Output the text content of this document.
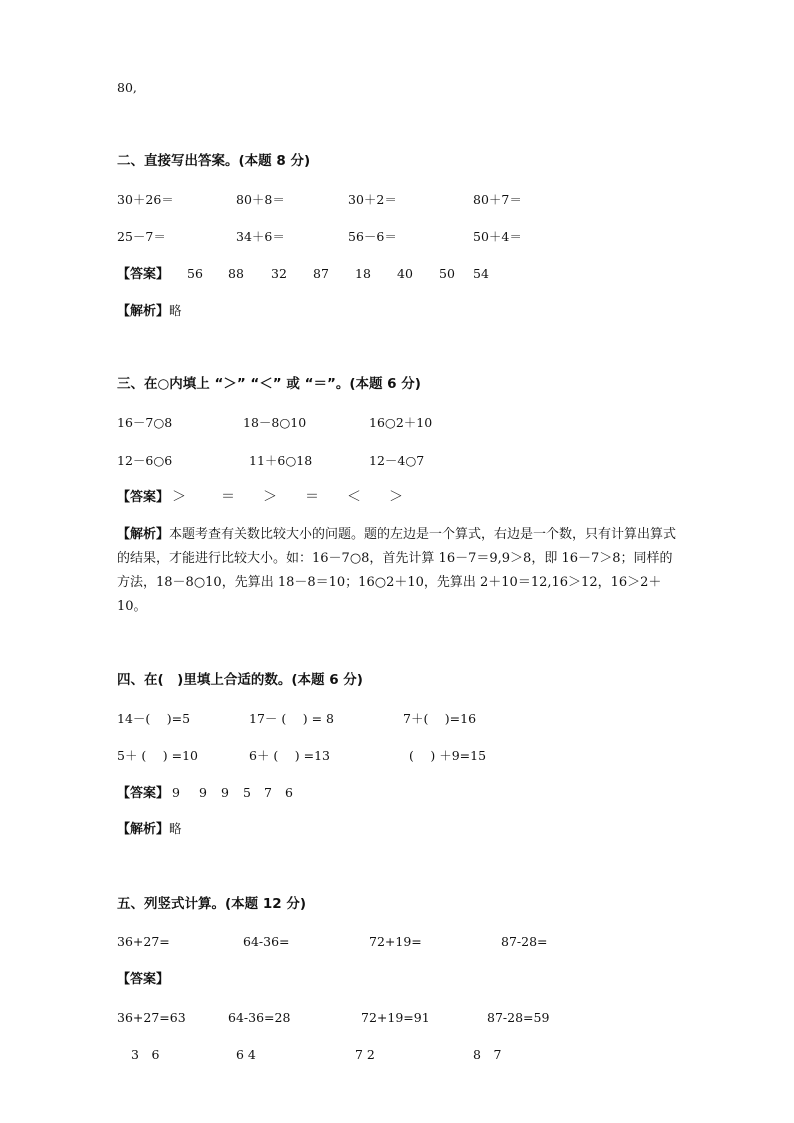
80,
二、直接写出答案。(本题 8 分)
30＋26＝	80＋8＝	30＋2＝	80＋7＝
25－7＝	34＋6＝	56－6＝	50＋4＝
【答案】 56 88 32 87 18 40 50 54
【解析】略
三、在○内填上 “＞” “＜” 或 “＝”。(本题 6 分)
16－7○8	18－8○10	16○2＋10
12－6○6	11＋6○18	12－4○7
【答案】 ＞	＝ ＞ ＝ ＜ ＞
【解析】本题考查有关数比较大小的问题。题的左边是一个算式，右边是一个数，只有计算出算式的结果，才能进行比较大小。如：16－7○8，首先计算 16－7＝9,9＞8，即 16－7＞8；同样的方法，18－8○10，先算出 18－8＝10；16○2＋10，先算出 2＋10＝12,16＞12，16＞2＋10。
四、在(　)里填上合适的数。(本题 6 分)
14－(　 )=5	17－ (　 ) = 8	7＋(　 )=16
5＋ (　 ) =10	6＋ (　 ) =13	(　 ) ＋9=15
【答案】 9 9 9 5 7 6
【解析】略
五、列竖式计算。(本题 12 分)
36+27=	64-36=	72+19=	87-28=
【答案】
36+27=63	64-36=28	72+19=91	87-28=59
3　6	6 4	7 2	8　7
